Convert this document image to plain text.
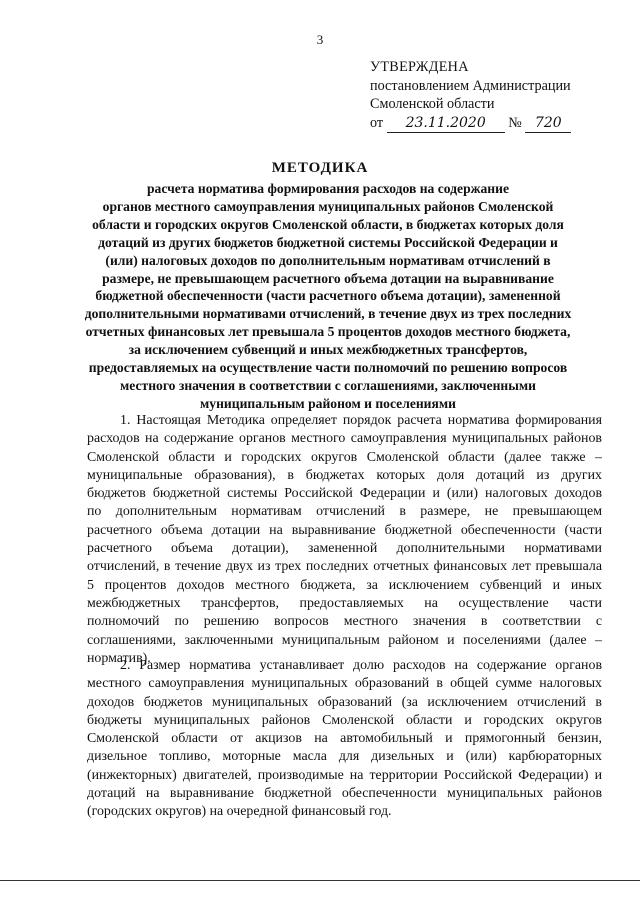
3
УТВЕРЖДЕНА
постановлением Администрации
Смоленской области
от 23.11.2020 № 720
МЕТОДИКА
расчета норматива формирования расходов на содержание
органов местного самоуправления муниципальных районов Смоленской
области и городских округов Смоленской области, в бюджетах которых доля
дотаций из других бюджетов бюджетной системы Российской Федерации и
(или) налоговых доходов по дополнительным нормативам отчислений в
размере, не превышающем расчетного объема дотации на выравнивание
бюджетной обеспеченности (части расчетного объема дотации), замененной
дополнительными нормативами отчислений, в течение двух из трех последних
отчетных финансовых лет превышала 5 процентов доходов местного бюджета,
за исключением субвенций и иных межбюджетных трансфертов,
предоставляемых на осуществление части полномочий по решению вопросов
местного значения в соответствии с соглашениями, заключенными
муниципальным районом и поселениями
1. Настоящая Методика определяет порядок расчета норматива формирования
расходов на содержание органов местного самоуправления муниципальных районов
Смоленской области и городских округов Смоленской области (далее также –
муниципальные образования), в бюджетах которых доля дотаций из других
бюджетов бюджетной системы Российской Федерации и (или) налоговых доходов
по дополнительным нормативам отчислений в размере, не превышающем
расчетного объема дотации на выравнивание бюджетной обеспеченности (части
расчетного объема дотации), замененной дополнительными нормативами
отчислений, в течение двух из трех последних отчетных финансовых лет превышала
5 процентов доходов местного бюджета, за исключением субвенций и иных
межбюджетных трансфертов, предоставляемых на осуществление части
полномочий по решению вопросов местного значения в соответствии с
соглашениями, заключенными муниципальным районом и поселениями (далее –
норматив).
2. Размер норматива устанавливает долю расходов на содержание органов
местного самоуправления муниципальных образований в общей сумме налоговых
доходов бюджетов муниципальных образований (за исключением отчислений в
бюджеты муниципальных районов Смоленской области и городских округов
Смоленской области от акцизов на автомобильный и прямогонный бензин,
дизельное топливо, моторные масла для дизельных и (или) карбюраторных
(инжекторных) двигателей, производимые на территории Российской Федерации) и
дотаций на выравнивание бюджетной обеспеченности муниципальных районов
(городских округов) на очередной финансовый год.
